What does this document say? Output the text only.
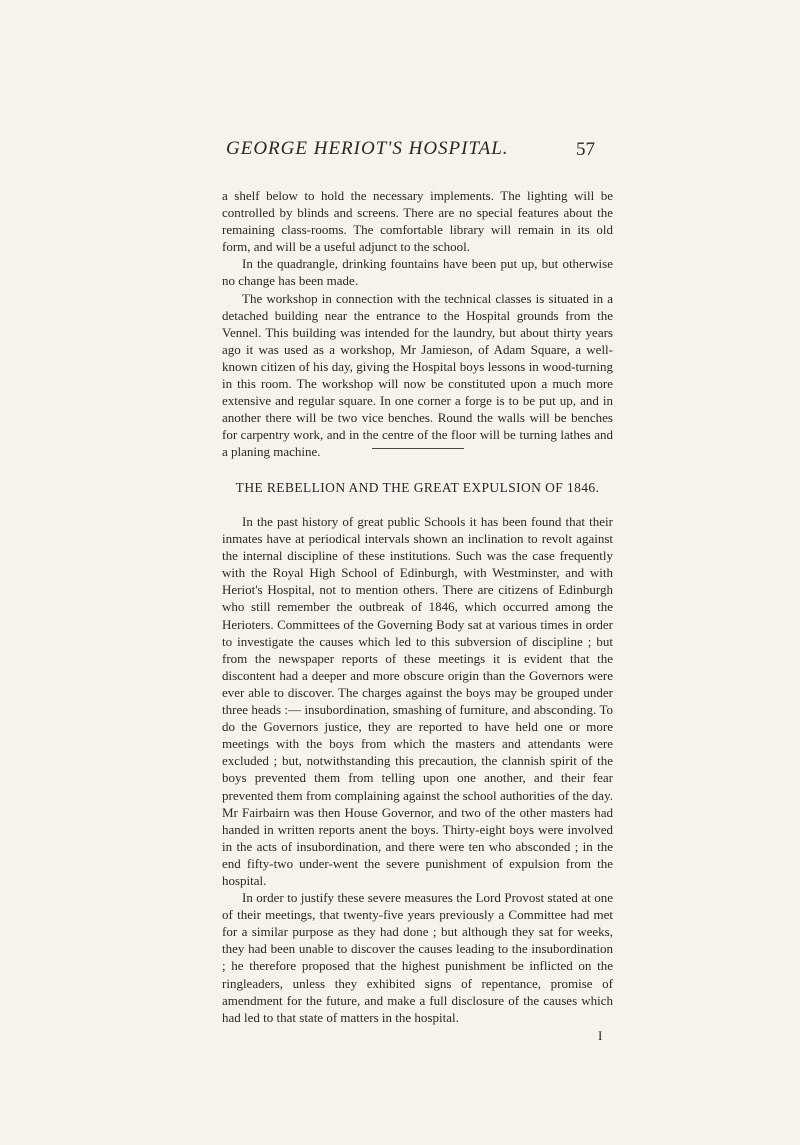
GEORGE HERIOT'S HOSPITAL.	57

a shelf below to hold the necessary implements. The lighting will be controlled by blinds and screens. There are no special features about the remaining class-rooms. The comfortable library will remain in its old form, and will be a useful adjunct to the school.

In the quadrangle, drinking fountains have been put up, but otherwise no change has been made.

The workshop in connection with the technical classes is situated in a detached building near the entrance to the Hospital grounds from the Vennel. This building was intended for the laundry, but about thirty years ago it was used as a workshop, Mr Jamieson, of Adam Square, a well-known citizen of his day, giving the Hospital boys lessons in wood-turning in this room. The workshop will now be constituted upon a much more extensive and regular square. In one corner a forge is to be put up, and in another there will be two vice benches. Round the walls will be benches for carpentry work, and in the centre of the floor will be turning lathes and a planing machine.

THE REBELLION AND THE GREAT EXPULSION OF 1846.

In the past history of great public Schools it has been found that their inmates have at periodical intervals shown an inclination to revolt against the internal discipline of these institutions. Such was the case frequently with the Royal High School of Edinburgh, with Westminster, and with Heriot's Hospital, not to mention others. There are citizens of Edinburgh who still remember the outbreak of 1846, which occurred among the Herioters. Committees of the Governing Body sat at various times in order to investigate the causes which led to this subversion of discipline ; but from the newspaper reports of these meetings it is evident that the discontent had a deeper and more obscure origin than the Governors were ever able to discover. The charges against the boys may be grouped under three heads :— insubordination, smashing of furniture, and absconding. To do the Governors justice, they are reported to have held one or more meetings with the boys from which the masters and attendants were excluded ; but, notwithstanding this precaution, the clannish spirit of the boys prevented them from telling upon one another, and their fear prevented them from complaining against the school authorities of the day. Mr Fairbairn was then House Governor, and two of the other masters had handed in written reports anent the boys. Thirty-eight boys were involved in the acts of insubordination, and there were ten who absconded ; in the end fifty-two under-went the severe punishment of expulsion from the hospital.

In order to justify these severe measures the Lord Provost stated at one of their meetings, that twenty-five years previously a Committee had met for a similar purpose as they had done ; but although they sat for weeks, they had been unable to discover the causes leading to the insubordination ; he therefore proposed that the highest punishment be inflicted on the ringleaders, unless they exhibited signs of repentance, promise of amendment for the future, and make a full disclosure of the causes which had led to that state of matters in the hospital.

I
